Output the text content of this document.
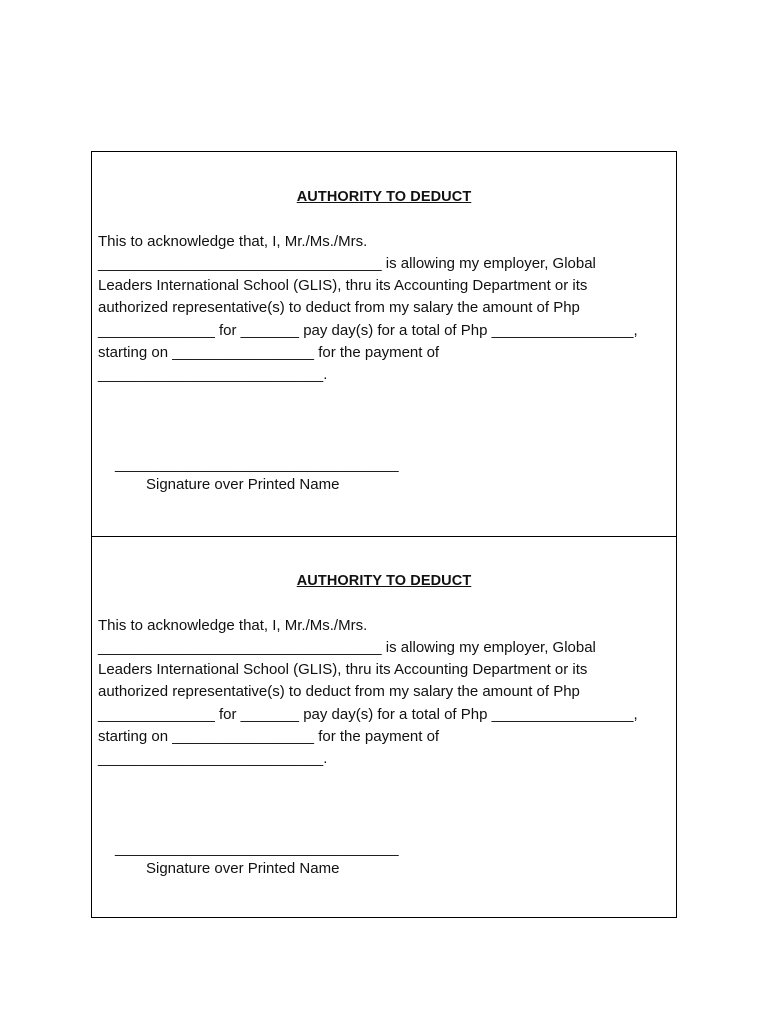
AUTHORITY TO DEDUCT
This to acknowledge that, I, Mr./Ms./Mrs.
__________________________________ is allowing my employer, Global
Leaders International School (GLIS), thru its Accounting Department or its
authorized representative(s) to deduct from my salary the amount of Php
______________ for _______ pay day(s) for a total of Php _________________,
starting on _________________ for the payment of
___________________________.
__________________________________
Signature over Printed Name
AUTHORITY TO DEDUCT
This to acknowledge that, I, Mr./Ms./Mrs.
__________________________________ is allowing my employer, Global
Leaders International School (GLIS), thru its Accounting Department or its
authorized representative(s) to deduct from my salary the amount of Php
______________ for _______ pay day(s) for a total of Php _________________,
starting on _________________ for the payment of
___________________________.
__________________________________
Signature over Printed Name
